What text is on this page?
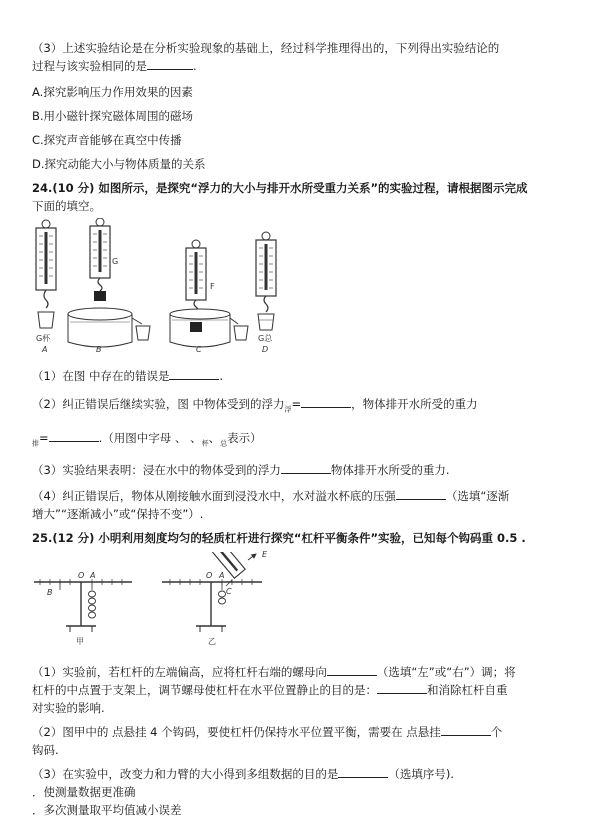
（3）上述实验结论是在分析实验现象的基础上，经过科学推理得出的，下列得出实验结论的
过程与该实验相同的是	.
A.探究影响压力作用效果的因素
B.用小磁针探究磁体周围的磁场
C.探究声音能够在真空中传播
D.探究动能大小与物体质量的关系
24.(10 分) 如图所示，是探究“浮力的大小与排开水所受重力关系”的实验过程，请根据图示完成
下面的填空。
G
F
G杯	G总
A	B	C	D
（1）在图 中存在的错误是	.
（2）纠正错误后继续实验，图 中物体受到的浮力$_浮$=	，物体排开水所受的重力
$_排$=	.（用图中字母 、 、$_杯$、$_总$表示）
（3）实验结果表明：浸在水中的物体受到的浮力	物体排开水所受的重力.
（4）纠正错误后，物体从刚接触水面到浸没水中，水对溢水杯底的压强	（选填“逐渐
增大”“逐渐减小”或“保持不变”）.
25.(12 分) 小明利用刻度均匀的轻质杠杆进行探究“杠杆平衡条件”实验，已知每个钩码重 0.5 .
O A
B
O A
C
E
甲	乙
（1）实验前，若杠杆的左端偏高，应将杠杆右端的螺母向	（选填“左”或“右”）调；将
杠杆的中点置于支架上，调节螺母使杠杆在水平位置静止的目的是：	和消除杠杆自重
对实验的影响.
（2）图甲中的 点悬挂 4 个钩码，要使杠杆仍保持水平位置平衡，需要在 点悬挂	个
钩码.
（3）在实验中，改变力和力臂的大小得到多组数据的目的是	（选填序号).
．使测量数据更准确
．多次测量取平均值减小误差
